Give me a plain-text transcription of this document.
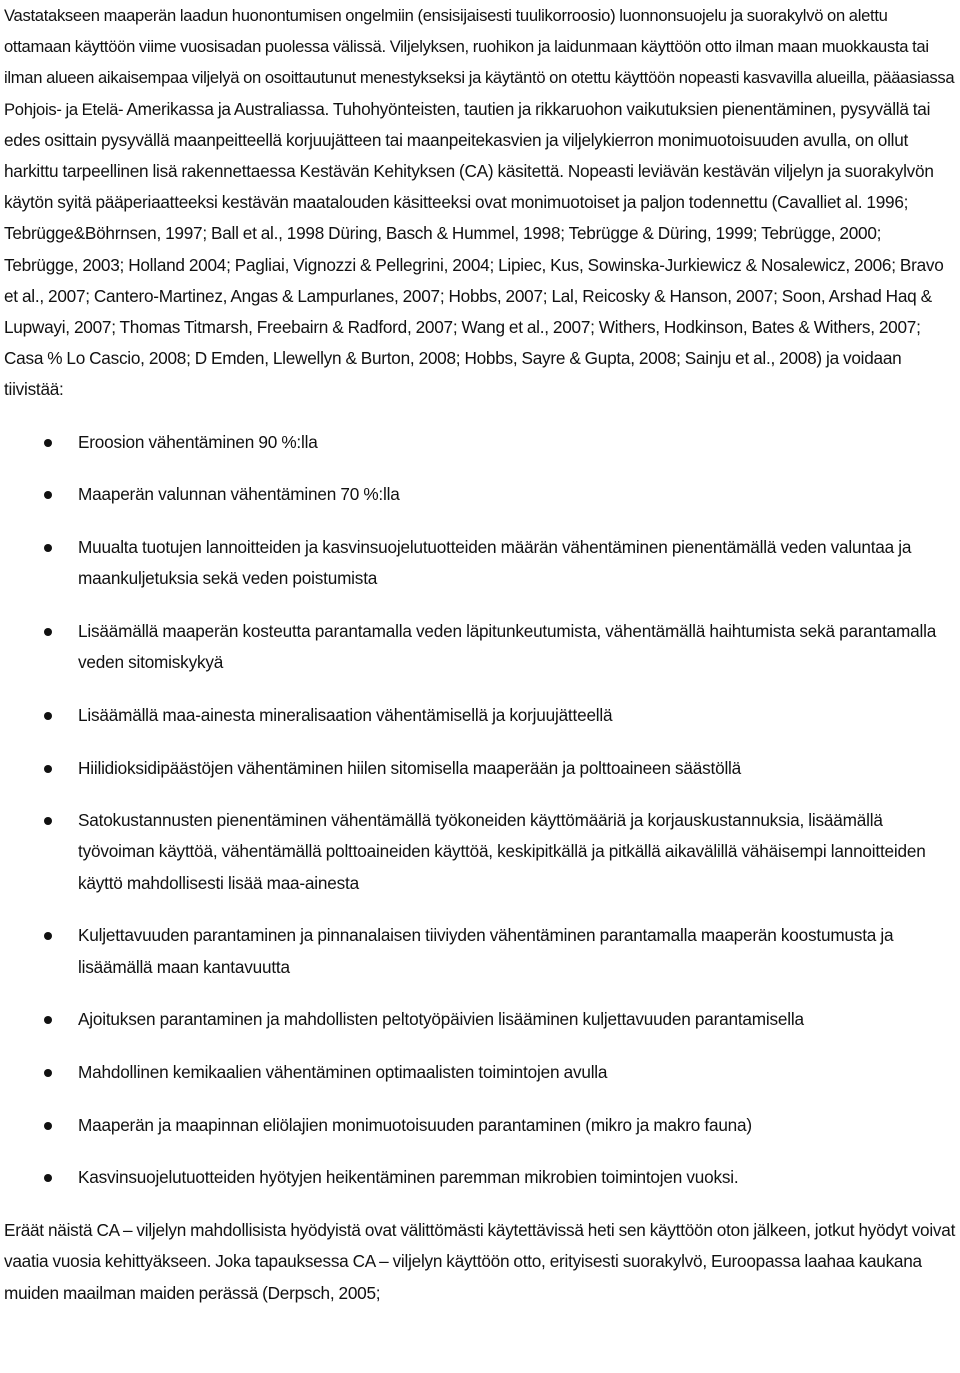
Vastatakseen maaperän laadun huonontumisen ongelmiin (ensisijaisesti tuulikorroosio) luonnonsuojelu ja suorakylvö on alettu ottamaan käyttöön viime vuosisadan puolessa välissä. Viljelyksen, ruohikon ja laidunmaan käyttöön otto ilman maan muokkausta tai ilman alueen aikaisempaa viljelyä on osoittautunut menestykseksi ja käytäntö on otettu käyttöön nopeasti kasvavilla alueilla, pääasiassa Pohjois- ja Etelä- Amerikassa ja Australiassa. Tuhohyönteisten, tautien ja rikkaruohon vaikutuksien pienentäminen, pysyvällä tai edes osittain pysyvällä maanpeitteellä korjuujätteen tai maanpeitekasvien ja viljelykierron monimuotoisuuden avulla, on ollut harkittu tarpeellinen lisä rakennettaessa Kestävän Kehityksen (CA) käsitettä. Nopeasti leviävän kestävän viljelyn ja suorakylvön käytön syitä pääperiaatteeksi kestävän maatalouden käsitteeksi ovat monimuotoiset ja paljon todennettu (Cavalliet al. 1996; Tebrügge&Böhrnsen, 1997; Ball et al., 1998 Düring, Basch & Hummel, 1998; Tebrügge & Düring, 1999; Tebrügge, 2000; Tebrügge, 2003; Holland 2004; Pagliai, Vignozzi & Pellegrini, 2004; Lipiec, Kus, Sowinska-Jurkiewicz & Nosalewicz, 2006; Bravo et al., 2007; Cantero-Martinez, Angas & Lampurlanes, 2007; Hobbs, 2007; Lal, Reicosky & Hanson, 2007; Soon, Arshad Haq & Lupwayi, 2007; Thomas Titmarsh, Freebairn & Radford, 2007; Wang et al., 2007; Withers, Hodkinson, Bates & Withers, 2007; Casa % Lo Cascio, 2008; D Emden, Llewellyn & Burton, 2008; Hobbs, Sayre & Gupta, 2008; Sainju et al., 2008) ja voidaan tiivistää:

Eroosion vähentäminen 90 %:lla
Maaperän valunnan vähentäminen 70 %:lla
Muualta tuotujen lannoitteiden ja kasvinsuojelutuotteiden määrän vähentäminen pienentämällä veden valuntaa ja maankuljetuksia sekä veden poistumista
Lisäämällä maaperän kosteutta parantamalla veden läpitunkeutumista, vähentämällä haihtumista sekä parantamalla veden sitomiskykyä
Lisäämällä maa-ainesta mineralisaation vähentämisellä ja korjuujätteellä
Hiilidioksidipäästöjen vähentäminen hiilen sitomisella maaperään ja polttoaineen säästöllä
Satokustannusten pienentäminen vähentämällä työkoneiden käyttömääriä ja korjauskustannuksia, lisäämällä työvoiman käyttöä, vähentämällä polttoaineiden käyttöä, keskipitkällä ja pitkällä aikavälillä vähäisempi lannoitteiden käyttö mahdollisesti lisää maa-ainesta
Kuljettavuuden parantaminen ja pinnanalaisen tiiviyden vähentäminen parantamalla maaperän koostumusta ja lisäämällä maan kantavuutta
Ajoituksen parantaminen ja mahdollisten peltotyöpäivien lisääminen kuljettavuuden parantamisella
Mahdollinen kemikaalien vähentäminen optimaalisten toimintojen avulla
Maaperän ja maapinnan eliölajien monimuotoisuuden parantaminen (mikro ja makro fauna)
Kasvinsuojelutuotteiden hyötyjen heikentäminen paremman mikrobien toimintojen vuoksi.

Eräät näistä CA – viljelyn mahdollisista hyödyistä ovat välittömästi käytettävissä heti sen käyttöön oton jälkeen, jotkut hyödyt voivat vaatia vuosia kehittyäkseen. Joka tapauksessa CA – viljelyn käyttöön otto, erityisesti suorakylvö, Euroopassa laahaa kaukana muiden maailman maiden perässä (Derpsch, 2005;
